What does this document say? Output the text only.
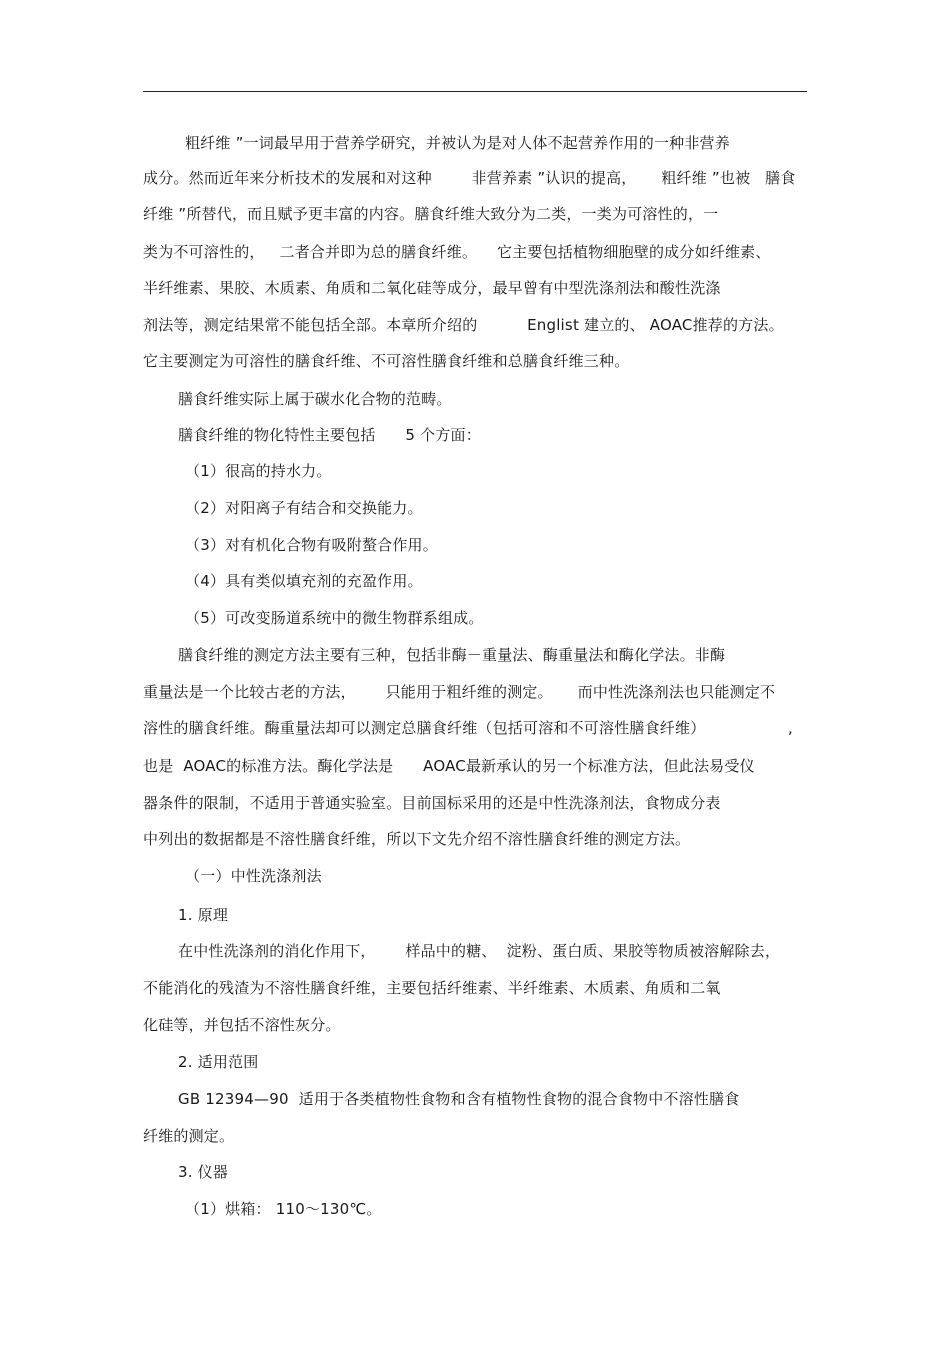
粗纤维 ”一词最早用于营养学研究，并被认为是对人体不起营养作用的一种非营养
成分。然而近年来分析技术的发展和对这种        非营养素 ”认识的提高，     粗纤维 ”也被   膳食
纤维 ”所替代，而且赋予更丰富的内容。膳食纤维大致分为二类，一类为可溶性的，一
类为不可溶性的，   二者合并即为总的膳食纤维。    它主要包括植物细胞壁的成分如纤维素、
半纤维素、果胶、木质素、角质和二氧化硅等成分，最早曾有中型洗涤剂法和酸性洗涤
剂法等，测定结果常不能包括全部。本章所介绍的          Englist 建立的、 AOAC推荐的方法。
它主要测定为可溶性的膳食纤维、不可溶性膳食纤维和总膳食纤维三种。
膳食纤维实际上属于碳水化合物的范畴。
膳食纤维的物化特性主要包括      5 个方面：
（1）很高的持水力。
（2）对阳离子有结合和交换能力。
（3）对有机化合物有吸附螯合作用。
（4）具有类似填充剂的充盈作用。
（5）可改变肠道系统中的微生物群系组成。
膳食纤维的测定方法主要有三种，包括非酶－重量法、酶重量法和酶化学法。非酶
重量法是一个比较古老的方法，      只能用于粗纤维的测定。     而中性洗涤剂法也只能测定不
溶性的膳食纤维。酶重量法却可以测定总膳食纤维（包括可溶和不可溶性膳食纤维）	,
也是  AOAC的标准方法。酶化学法是      AOAC最新承认的另一个标准方法，但此法易受仪
器条件的限制，不适用于普通实验室。目前国标采用的还是中性洗涤剂法，食物成分表
中列出的数据都是不溶性膳食纤维，所以下文先介绍不溶性膳食纤维的测定方法。
（一）中性洗涤剂法
1. 原理
在中性洗涤剂的消化作用下，      样品中的糖、  淀粉、蛋白质、果胶等物质被溶解除去，
不能消化的残渣为不溶性膳食纤维，主要包括纤维素、半纤维素、木质素、角质和二氧
化硅等，并包括不溶性灰分。
2. 适用范围
GB 12394—90  适用于各类植物性食物和含有植物性食物的混合食物中不溶性膳食
纤维的测定。
3. 仪器
（1）烘箱： 110～130℃。
